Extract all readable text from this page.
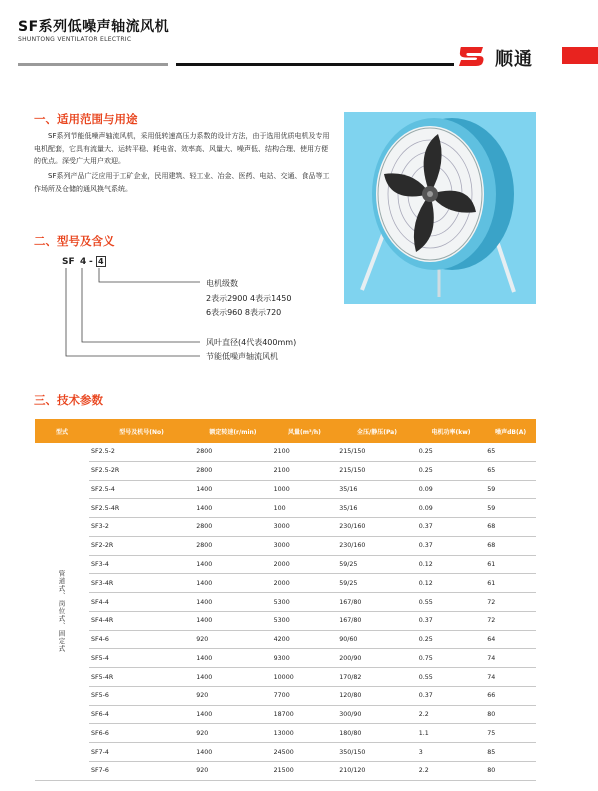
SF系列低噪声轴流风机
SHUNTONG VENTILATOR ELECTRIC
顺通
一、适用范围与用途

SF系列节能低噪声轴流风机，采用低转速高压力系数的设计方法，由于选用优质电机及专用电机配套，它具有流量大、运转平稳、耗电省、效率高、风量大、噪声低、结构合理、使用方便的优点。深受广大用户欢迎。

SF系列产品广泛应用于工矿企业，民用建筑、轻工业、冶金、医药、电站、交通、食品等工作场所及仓储的通风换气系统。

二、型号及含义
SF 4 - 4
电机级数
2表示2900 4表示1450
6表示960 8表示720
风叶直径(4代表400mm)
节能低噪声轴流风机
三、技术参数
型式	型号及机号(No)	额定转速(r/min)	风量(m³/h)	全压/静压(Pa)	电机功率(kw)	噪声dB(A)

管道式、岗位式、固定式	SF2.5-2	2800	2100	215/150	0.25	65
	SF2.5-2R	2800	2100	215/150	0.25	65
	SF2.5-4	1400	1000	35/16	0.09	59
	SF2.5-4R	1400	100	35/16	0.09	59
	SF3-2	2800	3000	230/160	0.37	68
	SF2-2R	2800	3000	230/160	0.37	68
	SF3-4	1400	2000	59/25	0.12	61
	SF3-4R	1400	2000	59/25	0.12	61
	SF4-4	1400	5300	167/80	0.55	72
	SF4-4R	1400	5300	167/80	0.37	72
	SF4-6	920	4200	90/60	0.25	64
	SF5-4	1400	9300	200/90	0.75	74
	SF5-4R	1400	10000	170/82	0.55	74
	SF5-6	920	7700	120/80	0.37	66
	SF6-4	1400	18700	300/90	2.2	80
	SF6-6	920	13000	180/80	1.1	75
	SF7-4	1400	24500	350/150	3	85
	SF7-6	920	21500	210/120	2.2	80
